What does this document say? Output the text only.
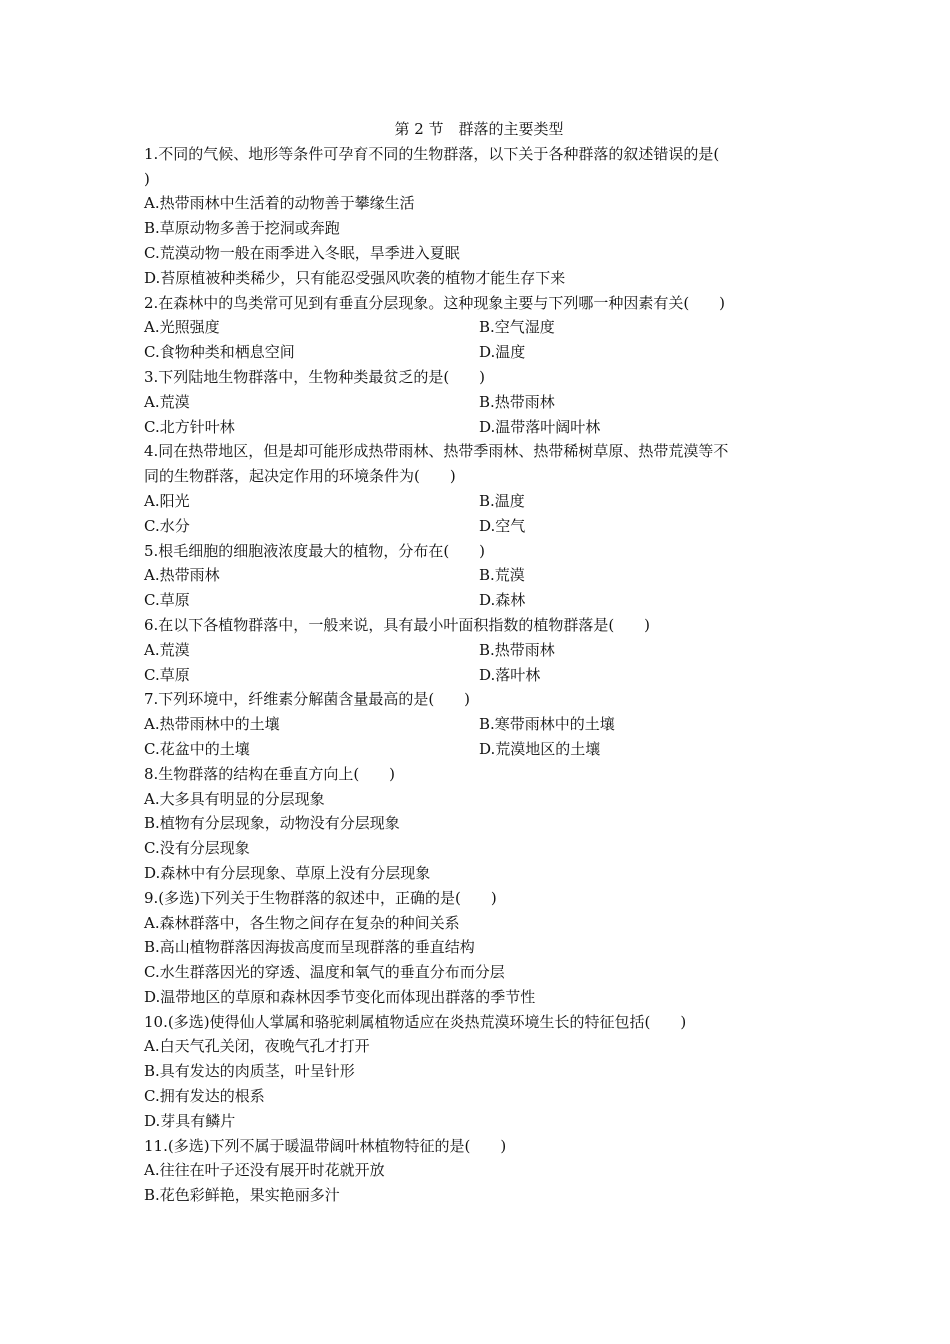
第 2 节　群落的主要类型
1.不同的气候、地形等条件可孕育不同的生物群落，以下关于各种群落的叙述错误的是(
)
A.热带雨林中生活着的动物善于攀缘生活
B.草原动物多善于挖洞或奔跑
C.荒漠动物一般在雨季进入冬眠，旱季进入夏眠
D.苔原植被种类稀少，只有能忍受强风吹袭的植物才能生存下来
2.在森林中的鸟类常可见到有垂直分层现象。这种现象主要与下列哪一种因素有关(　　)
A.光照强度	B.空气湿度
C.食物种类和栖息空间	D.温度
3.下列陆地生物群落中，生物种类最贫乏的是(　　)
A.荒漠	B.热带雨林
C.北方针叶林	D.温带落叶阔叶林
4.同在热带地区，但是却可能形成热带雨林、热带季雨林、热带稀树草原、热带荒漠等不
同的生物群落，起决定作用的环境条件为(　　)
A.阳光	B.温度
C.水分	D.空气
5.根毛细胞的细胞液浓度最大的植物，分布在(　　)
A.热带雨林	B.荒漠
C.草原	D.森林
6.在以下各植物群落中，一般来说，具有最小叶面积指数的植物群落是(　　)
A.荒漠	B.热带雨林
C.草原	D.落叶林
7.下列环境中，纤维素分解菌含量最高的是(　　)
A.热带雨林中的土壤	B.寒带雨林中的土壤
C.花盆中的土壤	D.荒漠地区的土壤
8.生物群落的结构在垂直方向上(　　)
A.大多具有明显的分层现象
B.植物有分层现象，动物没有分层现象
C.没有分层现象
D.森林中有分层现象、草原上没有分层现象
9.(多选)下列关于生物群落的叙述中，正确的是(　　)
A.森林群落中，各生物之间存在复杂的种间关系
B.高山植物群落因海拔高度而呈现群落的垂直结构
C.水生群落因光的穿透、温度和氧气的垂直分布而分层
D.温带地区的草原和森林因季节变化而体现出群落的季节性
10.(多选)使得仙人掌属和骆驼刺属植物适应在炎热荒漠环境生长的特征包括(　　)
A.白天气孔关闭，夜晚气孔才打开
B.具有发达的肉质茎，叶呈针形
C.拥有发达的根系
D.芽具有鳞片
11.(多选)下列不属于暖温带阔叶林植物特征的是(　　)
A.往往在叶子还没有展开时花就开放
B.花色彩鲜艳，果实艳丽多汁
